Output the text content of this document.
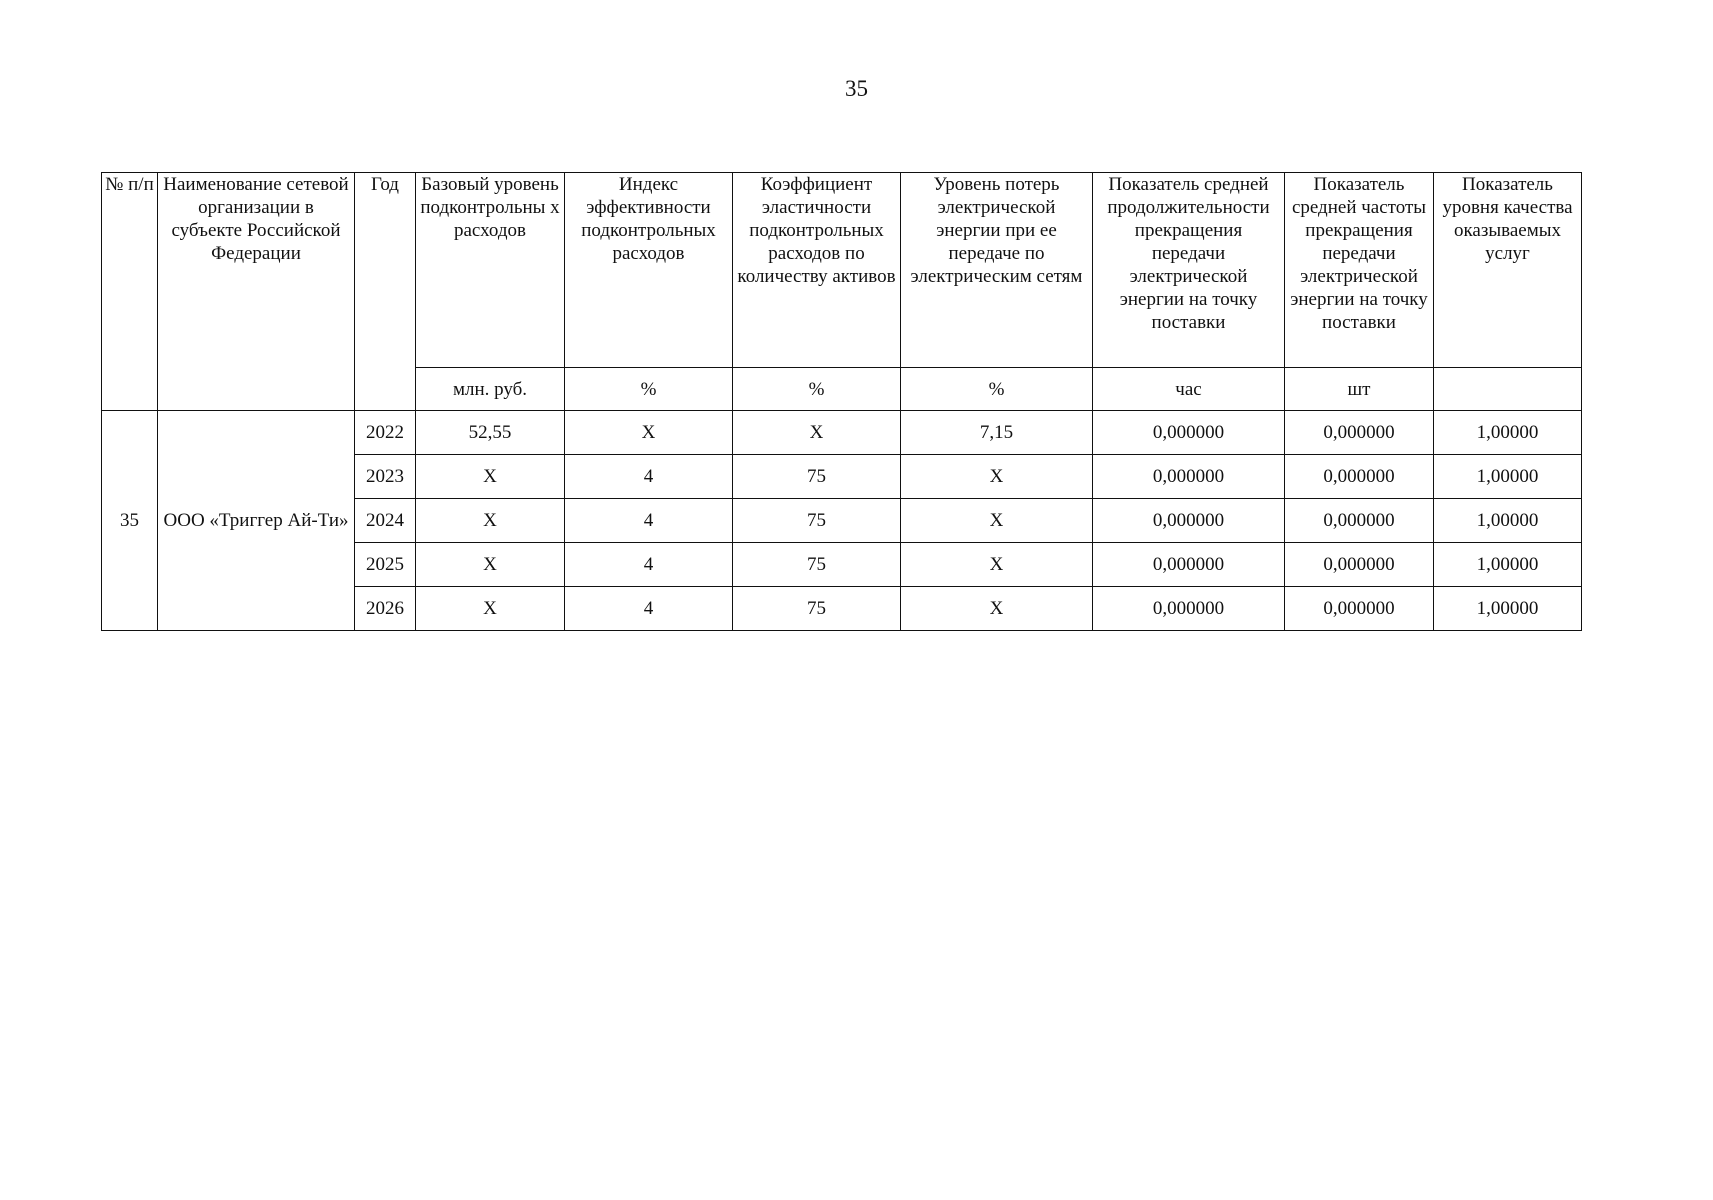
35
№ п/п	Наименование сетевой организации в субъекте Российской Федерации	Год	Базовый уровень подконтрольны х расходов	Индекс эффективности подконтрольных расходов	Коэффициент эластичности подконтрольных расходов по количеству активов	Уровень потерь электрической энергии при ее передаче по электрическим сетям	Показатель средней продолжительности прекращения передачи электрической энергии на точку поставки	Показатель средней частоты прекращения передачи электрической энергии на точку поставки	Показатель уровня качества оказываемых услуг
			млн. руб.	%	%	%	час	шт	
35	ООО «Триггер Ай-Ти»	2022	52,55	X	X	7,15	0,000000	0,000000	1,00000
		2023	X	4	75	X	0,000000	0,000000	1,00000
		2024	X	4	75	X	0,000000	0,000000	1,00000
		2025	X	4	75	X	0,000000	0,000000	1,00000
		2026	X	4	75	X	0,000000	0,000000	1,00000
